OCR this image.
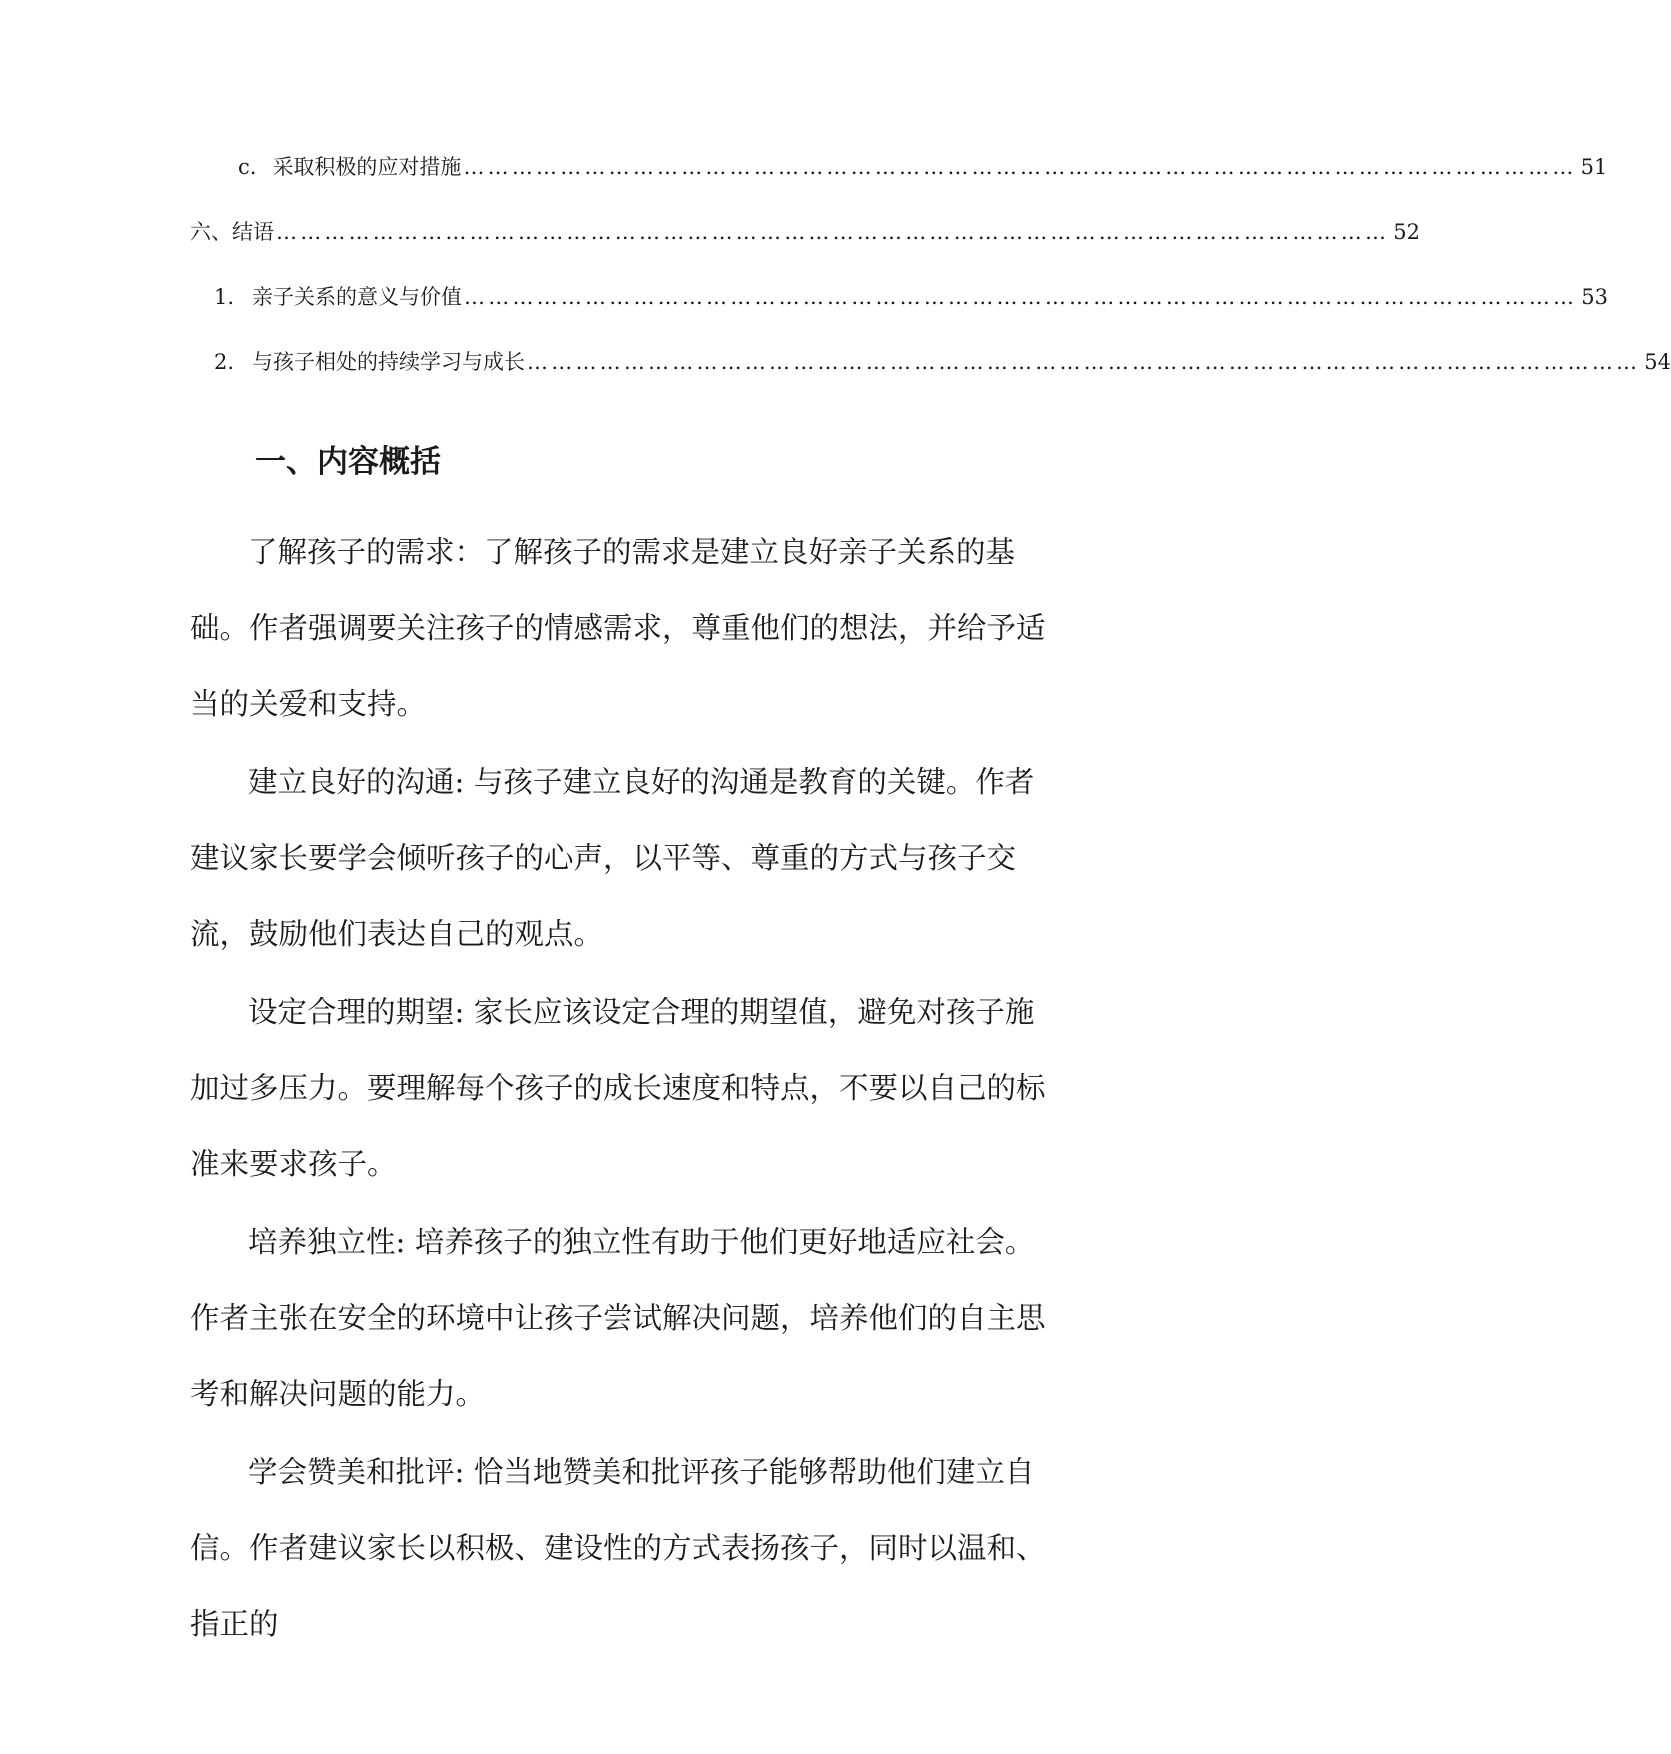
c. 采取积极的应对措施 ………………………………………………………………………………………………………………………… 51
六、结语 ………………………………………………………………………………………………………………………… 52
1. 亲子关系的意义与价值 ………………………………………………………………………………………………………………………… 53
2. 与孩子相处的持续学习与成长 ………………………………………………………………………………………………………………………… 54
一、内容概括

了解孩子的需求：了解孩子的需求是建立良好亲子关系的基础。作者强调要关注孩子的情感需求，尊重他们的想法，并给予适当的关爱和支持。

建立良好的沟通: 与孩子建立良好的沟通是教育的关键。作者建议家长要学会倾听孩子的心声，以平等、尊重的方式与孩子交流，鼓励他们表达自己的观点。

设定合理的期望: 家长应该设定合理的期望值，避免对孩子施加过多压力。要理解每个孩子的成长速度和特点，不要以自己的标准来要求孩子。

培养独立性: 培养孩子的独立性有助于他们更好地适应社会。作者主张在安全的环境中让孩子尝试解决问题，培养他们的自主思考和解决问题的能力。

学会赞美和批评: 恰当地赞美和批评孩子能够帮助他们建立自信。作者建议家长以积极、建设性的方式表扬孩子，同时以温和、指正的
